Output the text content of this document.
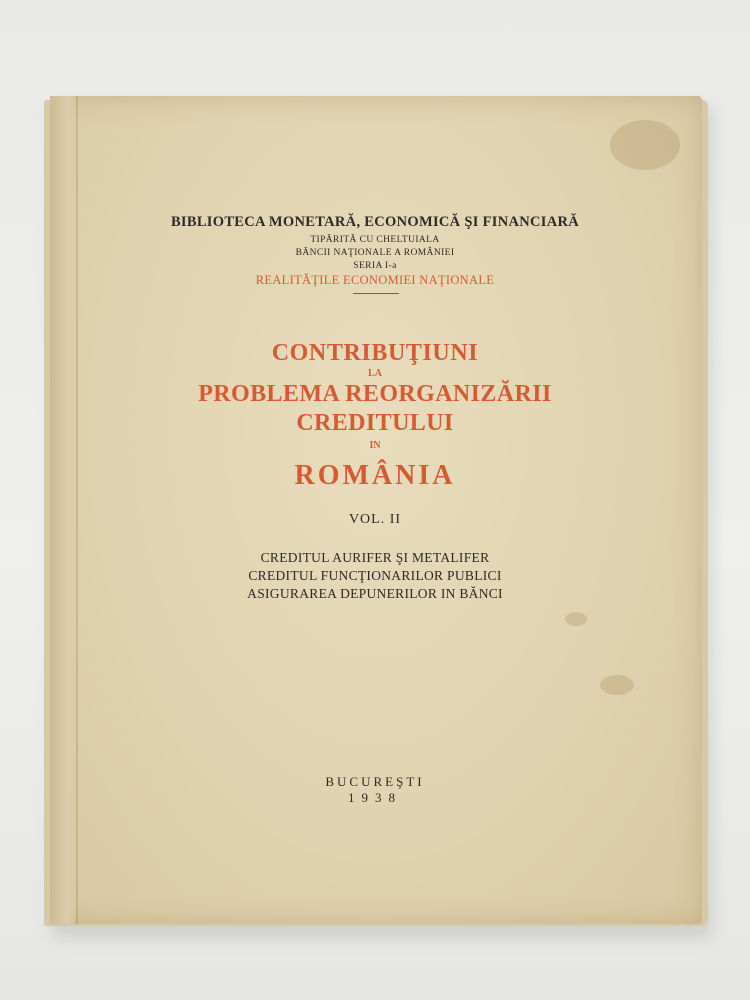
BIBLIOTECA MONETARĂ, ECONOMICĂ ŞI FINANCIARĂ
TIPĂRITĂ CU CHELTUIALA
BĂNCII NAŢIONALE A ROMÂNIEI
SERIA I-a
REALITĂŢILE ECONOMIEI NAŢIONALE
CONTRIBUŢIUNI
LA
PROBLEMA REORGANIZĂRII
CREDITULUI
IN
ROMÂNIA
VOL. II
CREDITUL AURIFER ŞI METALIFER
CREDITUL FUNCŢIONARILOR PUBLICI
ASIGURAREA DEPUNERILOR IN BĂNCI
BUCUREŞTI
1938
